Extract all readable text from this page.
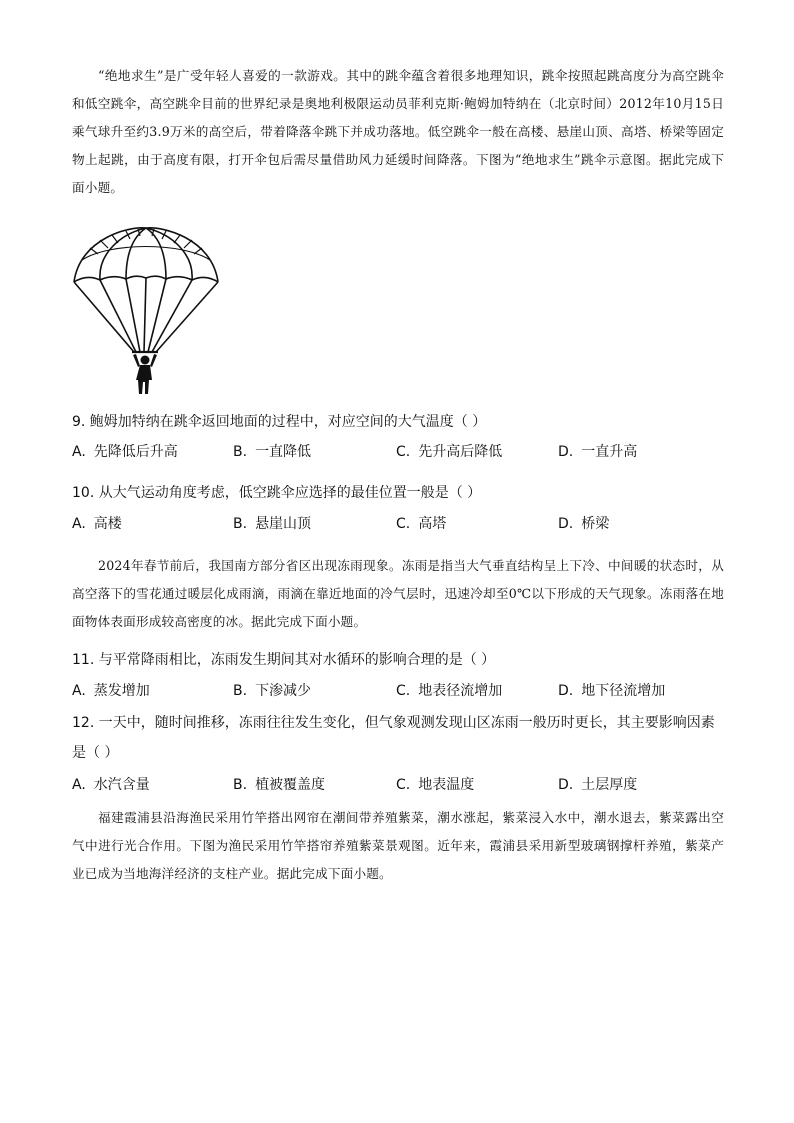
“绝地求生”是广受年轻人喜爱的一款游戏。其中的跳伞蕴含着很多地理知识，跳伞按照起跳高度分为高空跳伞和低空跳伞，高空跳伞目前的世界纪录是奥地利极限运动员菲利克斯·鲍姆加特纳在（北京时间）2012年10月15日乘气球升至约3.9万米的高空后，带着降落伞跳下并成功落地。低空跳伞一般在高楼、悬崖山顶、高塔、桥梁等固定物上起跳，由于高度有限，打开伞包后需尽量借助风力延缓时间降落。下图为“绝地求生”跳伞示意图。据此完成下面小题。

9. 鲍姆加特纳在跳伞返回地面的过程中，对应空间的大气温度（ ）
A. 先降低后升高	B. 一直降低	C. 先升高后降低	D. 一直升高
10. 从大气运动角度考虑，低空跳伞应选择的最佳位置一般是（ ）
A. 高楼	B. 悬崖山顶	C. 高塔	D. 桥梁

2024年春节前后，我国南方部分省区出现冻雨现象。冻雨是指当大气垂直结构呈上下冷、中间暖的状态时，从高空落下的雪花通过暖层化成雨滴，雨滴在靠近地面的冷气层时，迅速冷却至0℃以下形成的天气现象。冻雨落在地面物体表面形成较高密度的冰。据此完成下面小题。

11. 与平常降雨相比，冻雨发生期间其对水循环的影响合理的是（ ）
A. 蒸发增加	B. 下渗减少	C. 地表径流增加	D. 地下径流增加
12. 一天中，随时间推移，冻雨往往发生变化，但气象观测发现山区冻雨一般历时更长，其主要影响因素
是（ ）
A. 水汽含量	B. 植被覆盖度	C. 地表温度	D. 土层厚度

福建霞浦县沿海渔民采用竹竿搭出网帘在潮间带养殖紫菜，潮水涨起，紫菜浸入水中，潮水退去，紫菜露出空气中进行光合作用。下图为渔民采用竹竿搭帘养殖紫菜景观图。近年来，霞浦县采用新型玻璃钢撑杆养殖，紫菜产业已成为当地海洋经济的支柱产业。据此完成下面小题。
